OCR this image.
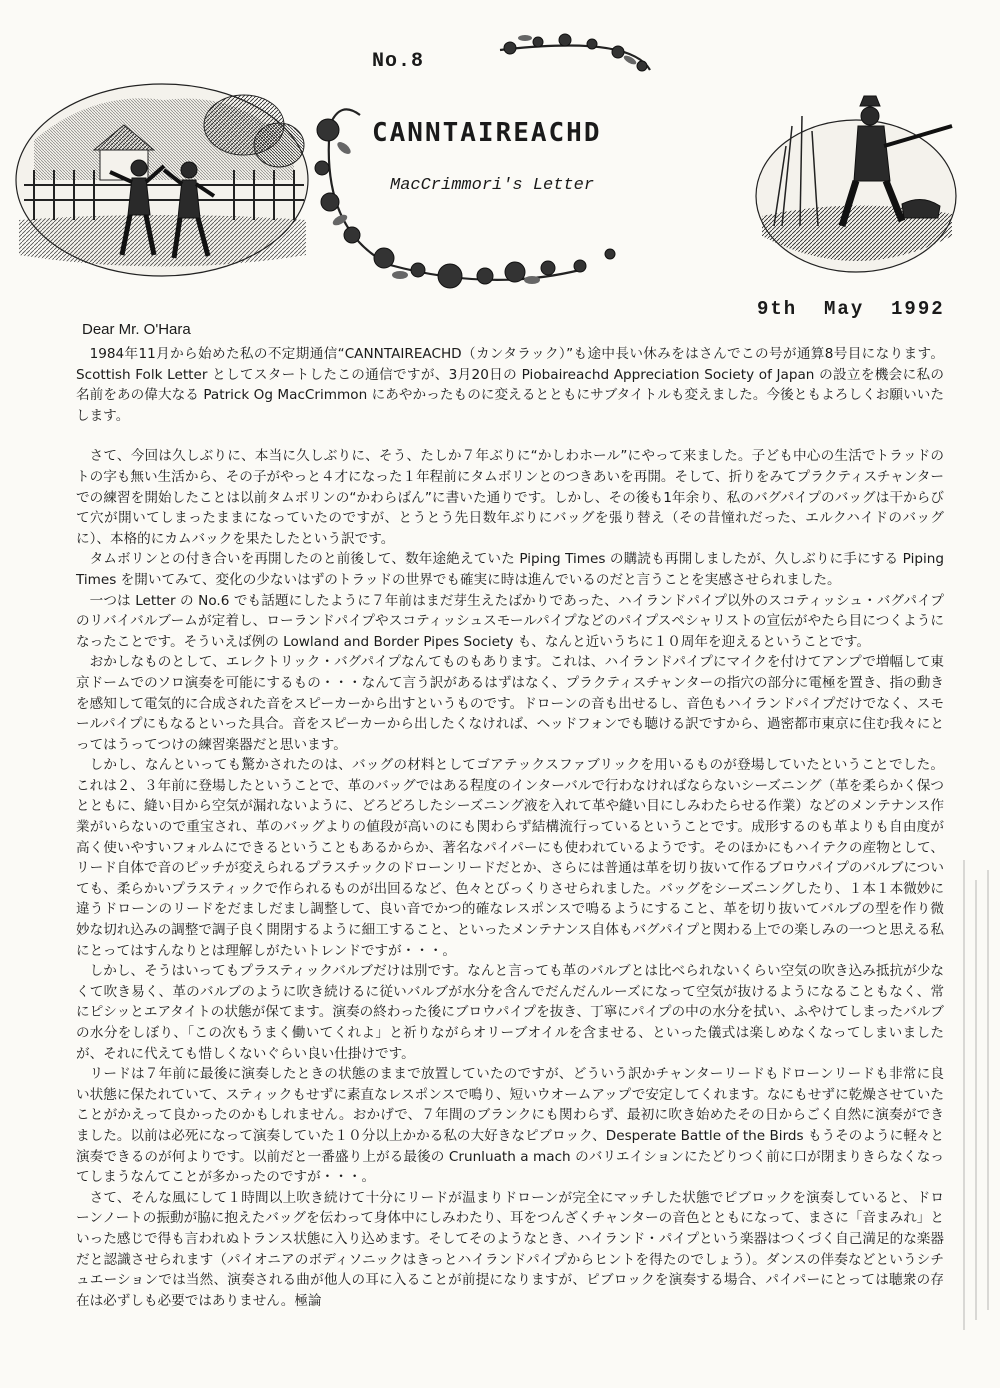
No.8
CANNTAIREACHD
MacCrimmori's Letter
9th  May  1992
Dear Mr. O'Hara

1984年11月から始めた私の不定期通信“CANNTAIREACHD（カンタラック）”も途中長い休みをはさんでこの号が通算8号目になります。Scottish Folk Letter としてスタートしたこの通信ですが、3月20日の Piobaireachd Appreciation Society of Japan の設立を機会に私の名前をあの偉大なる Patrick Og MacCrimmon にあやかったものに変えるとともにサブタイトルも変えました。今後ともよろしくお願いいたします。

さて、今回は久しぶりに、本当に久しぶりに、そう、たしか７年ぶりに“かしわホール”にやって来ました。子ども中心の生活でトラッドのトの字も無い生活から、その子がやっと４才になった１年程前にタムボリンとのつきあいを再開。そして、折りをみてプラクティスチャンターでの練習を開始したことは以前タムボリンの“かわらばん”に書いた通りです。しかし、その後も1年余り、私のバグパイプのバッグは干からびて穴が開いてしまったままになっていたのですが、とうとう先日数年ぶりにバッグを張り替え（その昔憧れだった、エルクハイドのバッグに）、本格的にカムバックを果たしたという訳です。

タムボリンとの付き合いを再開したのと前後して、数年途絶えていた Piping Times の購読も再開しましたが、久しぶりに手にする Piping Times を開いてみて、変化の少ないはずのトラッドの世界でも確実に時は進んでいるのだと言うことを実感させられました。

一つは Letter の No.6 でも話題にしたように７年前はまだ芽生えたばかりであった、ハイランドパイプ以外のスコティッシュ・バグパイプのリバイバルブームが定着し、ローランドパイプやスコティッシュスモールパイプなどのパイプスペシャリストの宣伝がやたら目につくようになったことです。そういえば例の Lowland and Border Pipes Society も、なんと近いうちに１０周年を迎えるということです。

おかしなものとして、エレクトリック・バグパイプなんてものもあります。これは、ハイランドパイプにマイクを付けてアンプで増幅して東京ドームでのソロ演奏を可能にするもの・・・なんて言う訳があるはずはなく、プラクティスチャンターの指穴の部分に電極を置き、指の動きを感知して電気的に合成された音をスピーカーから出すというものです。ドローンの音も出せるし、音色もハイランドパイプだけでなく、スモールパイプにもなるといった具合。音をスピーカーから出したくなければ、ヘッドフォンでも聴ける訳ですから、過密都市東京に住む我々にとってはうってつけの練習楽器だと思います。

しかし、なんといっても驚かされたのは、バッグの材料としてゴアテックスファブリックを用いるものが登場していたということでした。これは２、３年前に登場したということで、革のバッグではある程度のインターバルで行わなければならないシーズニング（革を柔らかく保つとともに、縫い目から空気が漏れないように、どろどろしたシーズニング液を入れて革や縫い目にしみわたらせる作業）などのメンテナンス作業がいらないので重宝され、革のバッグよりの値段が高いのにも関わらず結構流行っているということです。成形するのも革よりも自由度が高く使いやすいフォルムにできるということもあるからか、著名なパイパーにも使われているようです。そのほかにもハイテクの産物として、リード自体で音のピッチが変えられるプラスチックのドローンリードだとか、さらには普通は革を切り抜いて作るブロウパイプのバルブについても、柔らかいプラスティックで作られるものが出回るなど、色々とびっくりさせられました。バッグをシーズニングしたり、１本１本微妙に違うドローンのリードをだましだまし調整して、良い音でかつ的確なレスポンスで鳴るようにすること、革を切り抜いてバルブの型を作り微妙な切れ込みの調整で調子良く開閉するように細工すること、といったメンテナンス自体もバグパイプと関わる上での楽しみの一つと思える私にとってはすんなりとは理解しがたいトレンドですが・・・。

しかし、そうはいってもプラスティックバルブだけは別です。なんと言っても革のバルブとは比べられないくらい空気の吹き込み抵抗が少なくて吹き易く、革のバルブのように吹き続けるに従いバルブが水分を含んでだんだんルーズになって空気が抜けるようになることもなく、常にピシッとエアタイトの状態が保てます。演奏の終わった後にブロウパイプを抜き、丁寧にパイプの中の水分を拭い、ふやけてしまったバルブの水分をしぼり、「この次もうまく働いてくれよ」と祈りながらオリーブオイルを含ませる、といった儀式は楽しめなくなってしまいましたが、それに代えても惜しくないぐらい良い仕掛けです。

リードは７年前に最後に演奏したときの状態のままで放置していたのですが、どういう訳かチャンターリードもドローンリードも非常に良い状態に保たれていて、スティックもせずに素直なレスポンスで鳴り、短いウオームアップで安定してくれます。なにもせずに乾燥させていたことがかえって良かったのかもしれません。おかげで、７年間のブランクにも関わらず、最初に吹き始めたその日からごく自然に演奏ができました。以前は必死になって演奏していた１０分以上かかる私の大好きなピブロック、Desperate Battle of the Birds もうそのように軽々と演奏できるのが何よりです。以前だと一番盛り上がる最後の Crunluath a mach のバリエイションにたどりつく前に口が閉まりきらなくなってしまうなんてことが多かったのですが・・・。

さて、そんな風にして１時間以上吹き続けて十分にリードが温まりドローンが完全にマッチした状態でピブロックを演奏していると、ドローンノートの振動が脇に抱えたバッグを伝わって身体中にしみわたり、耳をつんざくチャンターの音色とともになって、まさに「音まみれ」といった感じで得も言われぬトランス状態に入り込めます。そしてそのようなとき、ハイランド・パイプという楽器はつくづく自己満足的な楽器だと認識させられます（パイオニアのボディソニックはきっとハイランドパイプからヒントを得たのでしょう）。ダンスの伴奏などというシチュエーションでは当然、演奏される曲が他人の耳に入ることが前提になりますが、ピブロックを演奏する場合、パイパーにとっては聴衆の存在は必ずしも必要ではありません。極論
